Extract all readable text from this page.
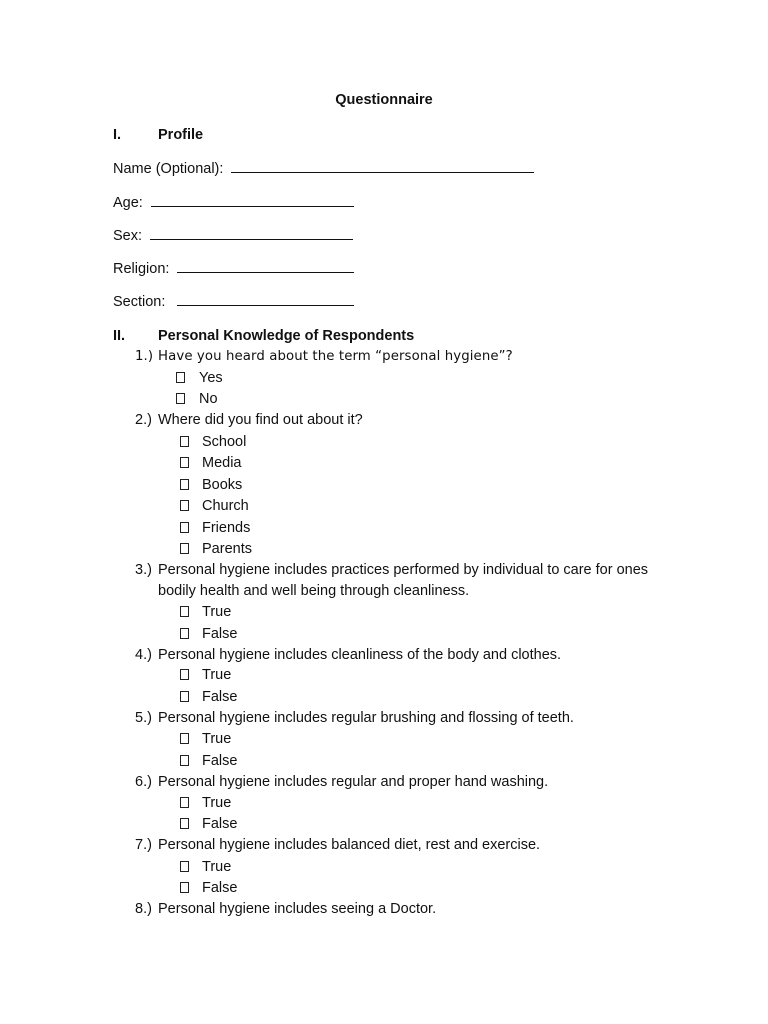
Questionnaire
I.	Profile
Name (Optional):
Age:
Sex:
Religion:
Section:
II. Personal Knowledge of Respondents
1.) Have you heard about the term “personal hygiene”?
Yes
No
2.) Where did you find out about it?
School
Media
Books
Church
Friends
Parents
3.) Personal hygiene includes practices performed by individual to care for ones
bodily health and well being through cleanliness.
True
False
4.) Personal hygiene includes cleanliness of the body and clothes.
True
False
5.) Personal hygiene includes regular brushing and flossing of teeth.
True
False
6.) Personal hygiene includes regular and proper hand washing.
True
False
7.) Personal hygiene includes balanced diet, rest and exercise.
True
False
8.) Personal hygiene includes seeing a Doctor.
